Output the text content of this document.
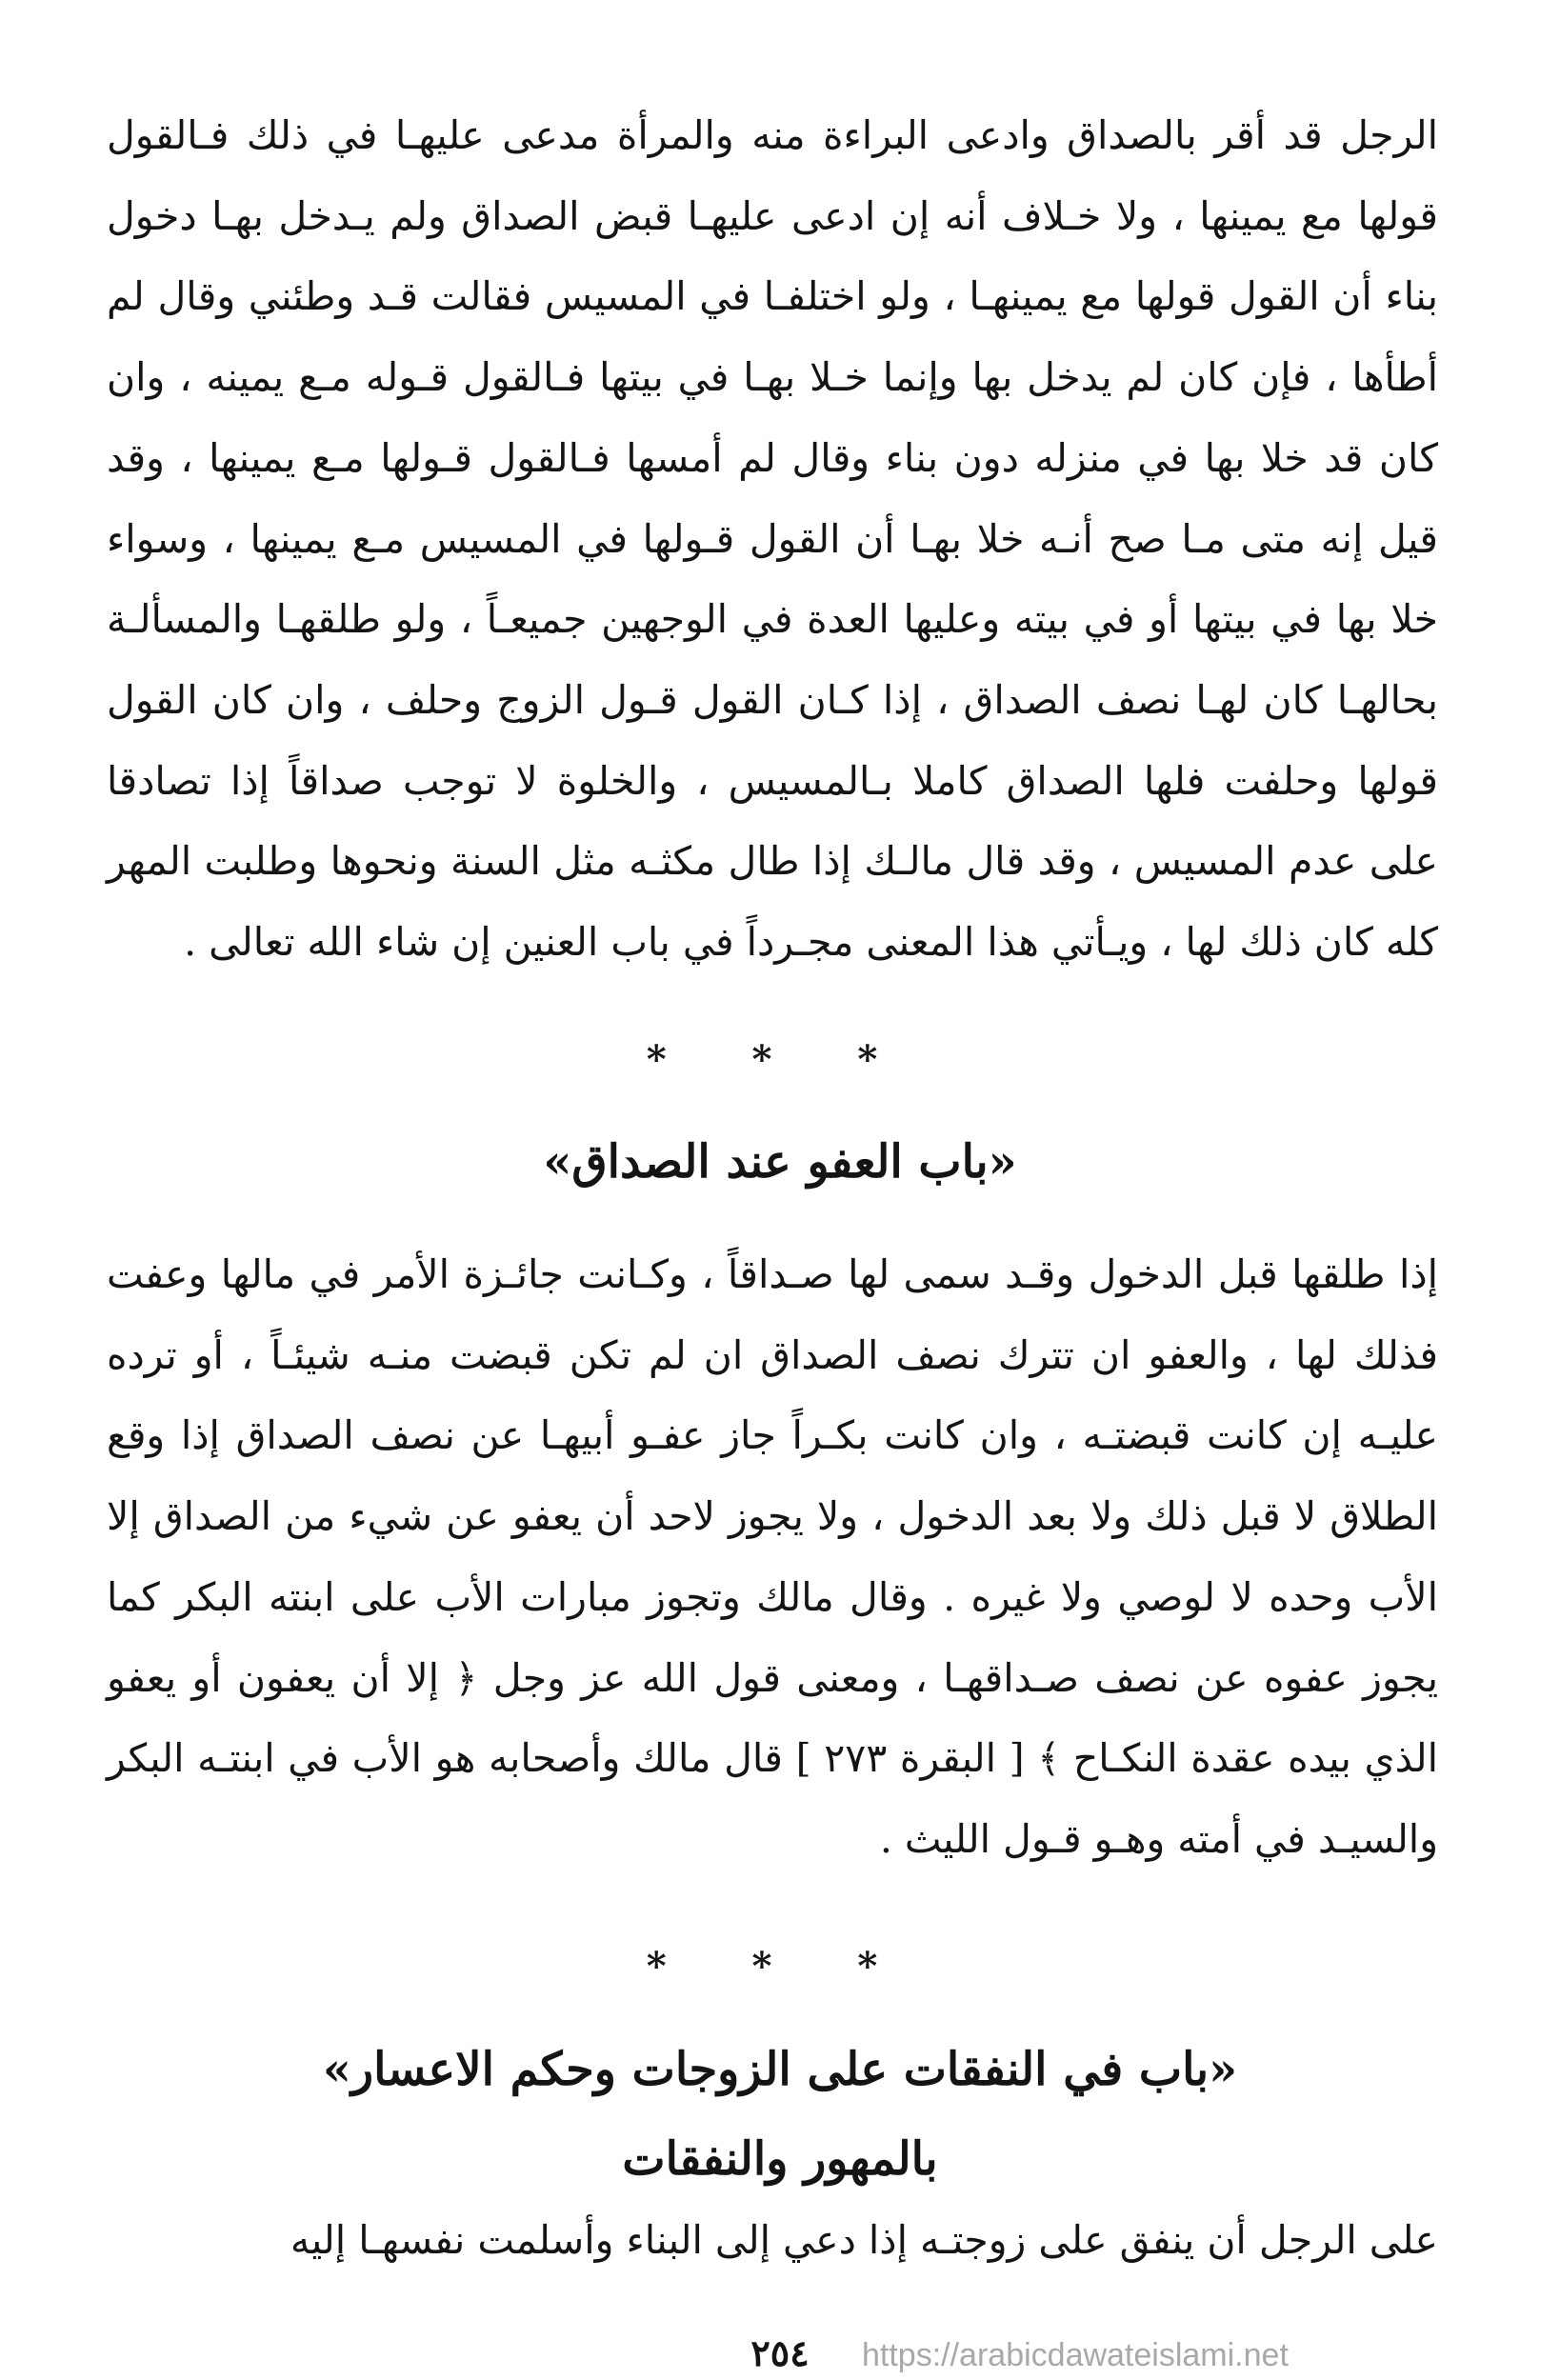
الرجل قد أقر بالصداق وادعى البراءة منه والمرأة مدعى عليهـا في ذلك فـالقول قولها مع يمينها ، ولا خـلاف أنه إن ادعى عليهـا قبض الصداق ولم يـدخل بهـا دخول بناء أن القول قولها مع يمينهـا ، ولو اختلفـا في المسيس فقالت قـد وطئني وقال لم أطأها ، فإن كان لم يدخل بها وإنما خـلا بهـا في بيتها فـالقول قـوله مـع يمينه ، وان كان قد خلا بها في منزله دون بناء وقال لم أمسها فـالقول قـولها مـع يمينها ، وقد قيل إنه متى مـا صح أنـه خلا بهـا أن القول قـولها في المسيس مـع يمينها ، وسواء خلا بها في بيتها أو في بيته وعليها العدة في الوجهين جميعـاً ، ولو طلقهـا والمسألـة بحالهـا كان لهـا نصف الصداق ، إذا كـان القول قـول الزوج وحلف ، وان كان القول قولها وحلفت فلها الصداق كاملا بـالمسيس ، والخلوة لا توجب صداقاً إذا تصادقا على عدم المسيس ، وقد قال مالـك إذا طال مكثـه مثل السنة ونحوها وطلبت المهر كله كان ذلك لها ، ويـأتي هذا المعنى مجـرداً في باب العنين إن شاء الله تعالى .

* * *
«باب العفو عند الصداق»

إذا طلقها قبل الدخول وقـد سمى لها صـداقاً ، وكـانت جائـزة الأمر في مالها وعفت فذلك لها ، والعفو ان تترك نصف الصداق ان لم تكن قبضت منـه شيئـاً ، أو ترده عليـه إن كانت قبضتـه ، وان كانت بكـراً جاز عفـو أبيهـا عن نصف الصداق إذا وقع الطلاق لا قبل ذلك ولا بعد الدخول ، ولا يجوز لاحد أن يعفو عن شيء من الصداق إلا الأب وحده لا لوصي ولا غيره . وقال مالك وتجوز مبارات الأب على ابنته البكر كما يجوز عفوه عن نصف صـداقهـا ، ومعنى قول الله عز وجل ﴿ إلا أن يعفون أو يعفو الذي بيده عقدة النكـاح ﴾ [ البقرة ٢٧٣ ] قال مالك وأصحابه هو الأب في ابنتـه البكر والسيـد في أمته وهـو قـول الليث .

* * *
«باب في النفقات على الزوجات وحكم الاعسار»
بالمهور والنفقات

على الرجل أن ينفق على زوجتـه إذا دعي إلى البناء وأسلمت نفسهـا إليه

٢٥٤	https://arabicdawateislami.net
